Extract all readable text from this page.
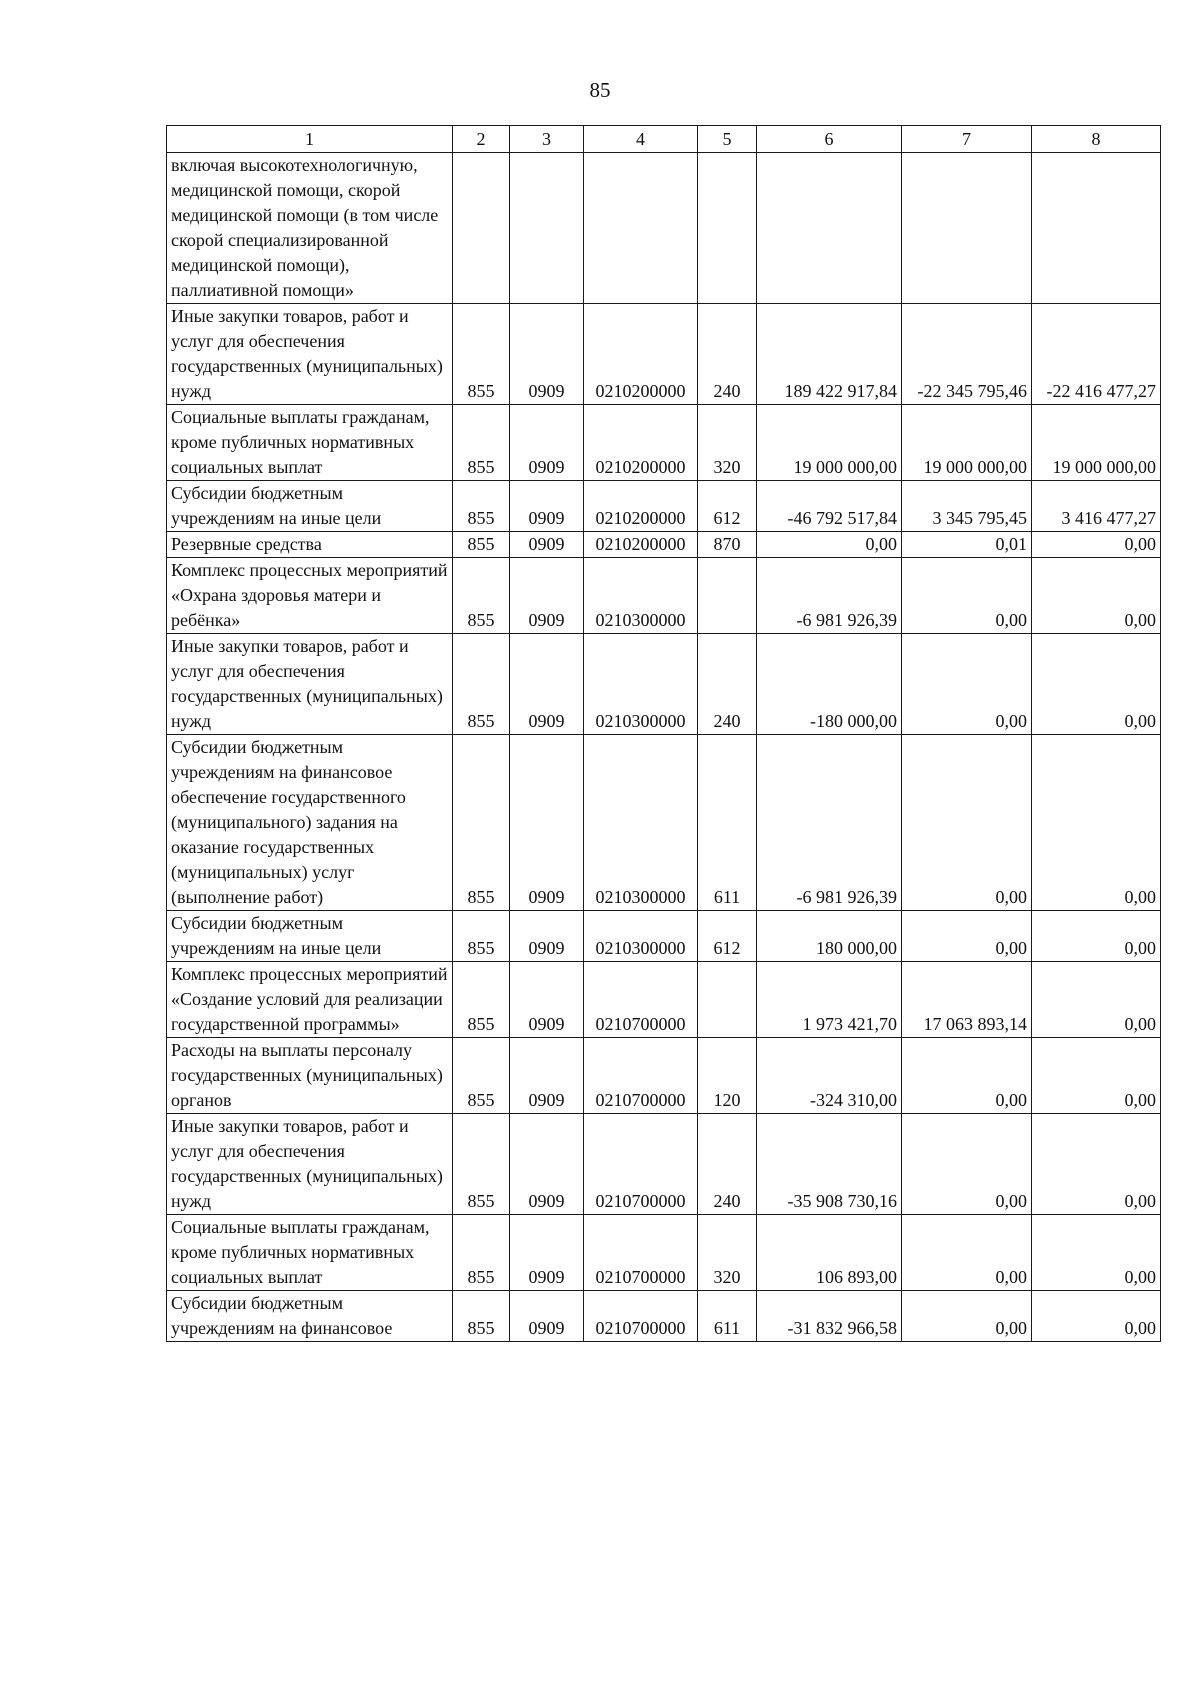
85
1	2	3	4	5	6	7	8
включая высокотехнологичную, медицинской помощи, скорой медицинской помощи (в том числе скорой специализированной медицинской помощи), паллиативной помощи»							
Иные закупки товаров, работ и услуг для обеспечения государственных (муниципальных) нужд	855	0909	0210200000	240	189 422 917,84	-22 345 795,46	-22 416 477,27
Социальные выплаты гражданам, кроме публичных нормативных социальных выплат	855	0909	0210200000	320	19 000 000,00	19 000 000,00	19 000 000,00
Субсидии бюджетным учреждениям на иные цели	855	0909	0210200000	612	-46 792 517,84	3 345 795,45	3 416 477,27
Резервные средства	855	0909	0210200000	870	0,00	0,01	0,00
Комплекс процессных мероприятий «Охрана здоровья матери и ребёнка»	855	0909	0210300000		-6 981 926,39	0,00	0,00
Иные закупки товаров, работ и услуг для обеспечения государственных (муниципальных) нужд	855	0909	0210300000	240	-180 000,00	0,00	0,00
Субсидии бюджетным учреждениям на финансовое обеспечение государственного (муниципального) задания на оказание государственных (муниципальных) услуг (выполнение работ)	855	0909	0210300000	611	-6 981 926,39	0,00	0,00
Субсидии бюджетным учреждениям на иные цели	855	0909	0210300000	612	180 000,00	0,00	0,00
Комплекс процессных мероприятий «Создание условий для реализации государственной программы»	855	0909	0210700000		1 973 421,70	17 063 893,14	0,00
Расходы на выплаты персоналу государственных (муниципальных) органов	855	0909	0210700000	120	-324 310,00	0,00	0,00
Иные закупки товаров, работ и услуг для обеспечения государственных (муниципальных) нужд	855	0909	0210700000	240	-35 908 730,16	0,00	0,00
Социальные выплаты гражданам, кроме публичных нормативных социальных выплат	855	0909	0210700000	320	106 893,00	0,00	0,00
Субсидии бюджетным учреждениям на финансовое	855	0909	0210700000	611	-31 832 966,58	0,00	0,00
